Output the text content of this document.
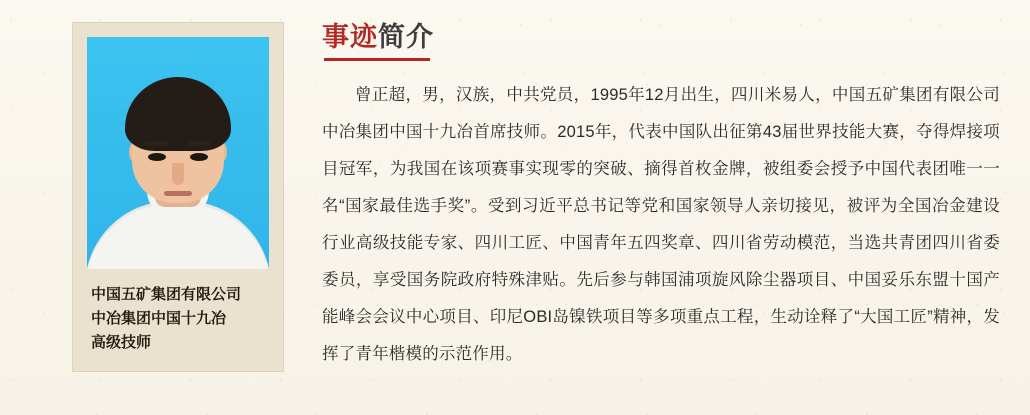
中国五矿集团有限公司
中冶集团中国十九冶
高级技师
事迹简介
曾正超，男，汉族，中共党员，1995年12月出生，四川米易人，中国五矿集团有限公司中冶集团中国十九冶首席技师。2015年，代表中国队出征第43届世界技能大赛，夺得焊接项目冠军，为我国在该项赛事实现零的突破、摘得首枚金牌，被组委会授予中国代表团唯一一名“国家最佳选手奖”。受到习近平总书记等党和国家领导人亲切接见，被评为全国冶金建设行业高级技能专家、四川工匠、中国青年五四奖章、四川省劳动模范，当选共青团四川省委委员，享受国务院政府特殊津贴。先后参与韩国浦项旋风除尘器项目、中国妥乐东盟十国产能峰会会议中心项目、印尼OBI岛镍铁项目等多项重点工程，生动诠释了“大国工匠”精神，发挥了青年楷模的示范作用。
